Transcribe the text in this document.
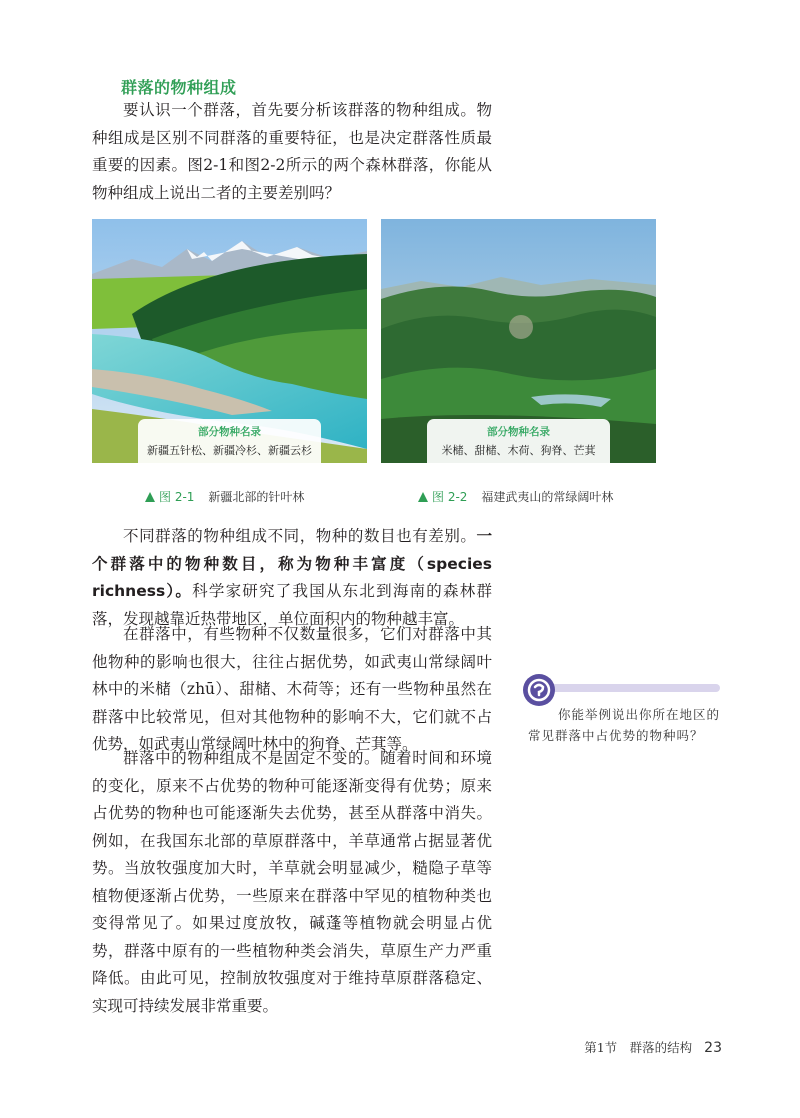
群落的物种组成

要认识一个群落，首先要分析该群落的物种组成。物种组成是区别不同群落的重要特征，也是决定群落性质最重要的因素。图2-1和图2-2所示的两个森林群落，你能从物种组成上说出二者的主要差别吗？

部分物种名录
新疆五针松、新疆冷杉、新疆云杉
部分物种名录
米槠、甜槠、木荷、狗脊、芒萁
图 2-1 新疆北部的针叶林	图 2-2 福建武夷山的常绿阔叶林

不同群落的物种组成不同，物种的数目也有差别。一个群落中的物种数目，称为物种丰富度（species richness）。科学家研究了我国从东北到海南的森林群落，发现越靠近热带地区，单位面积内的物种越丰富。

在群落中，有些物种不仅数量很多，它们对群落中其他物种的影响也很大，往往占据优势，如武夷山常绿阔叶林中的米槠（zhū）、甜槠、木荷等；还有一些物种虽然在群落中比较常见，但对其他物种的影响不大，它们就不占优势，如武夷山常绿阔叶林中的狗脊、芒萁等。

群落中的物种组成不是固定不变的。随着时间和环境的变化，原来不占优势的物种可能逐渐变得有优势；原来占优势的物种也可能逐渐失去优势，甚至从群落中消失。例如，在我国东北部的草原群落中，羊草通常占据显著优势。当放牧强度加大时，羊草就会明显减少，糙隐子草等植物便逐渐占优势，一些原来在群落中罕见的植物种类也变得常见了。如果过度放牧，碱蓬等植物就会明显占优势，群落中原有的一些植物种类会消失，草原生产力严重降低。由此可见，控制放牧强度对于维持草原群落稳定、实现可持续发展非常重要。

你能举例说出你所在地区的常见群落中占优势的物种吗？

第1节　群落的结构 23
